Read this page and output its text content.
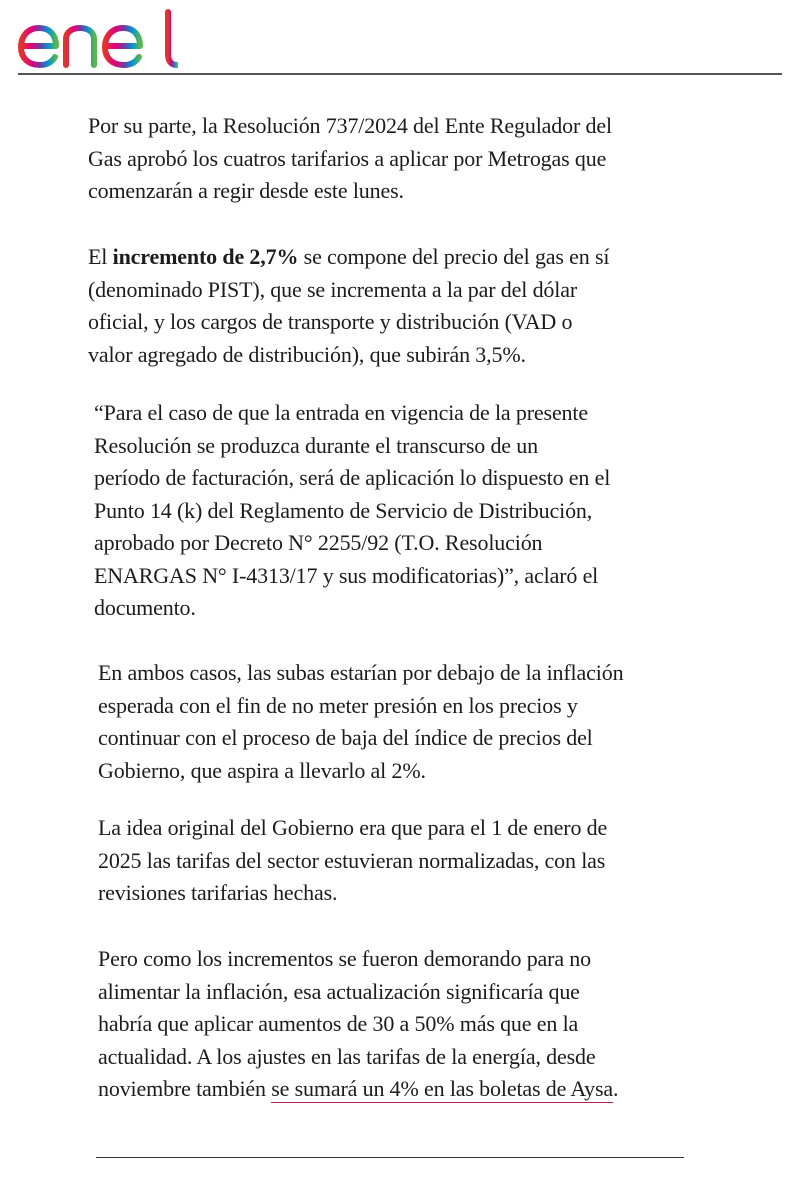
Por su parte, la Resolución 737/2024 del Ente Regulador del
Gas aprobó los cuatros tarifarios a aplicar por Metrogas que
comenzarán a regir desde este lunes.

El incremento de 2,7% se compone del precio del gas en sí
(denominado PIST), que se incrementa a la par del dólar
oficial, y los cargos de transporte y distribución (VAD o
valor agregado de distribución), que subirán 3,5%.

“Para el caso de que la entrada en vigencia de la presente
Resolución se produzca durante el transcurso de un
período de facturación, será de aplicación lo dispuesto en el
Punto 14 (k) del Reglamento de Servicio de Distribución,
aprobado por Decreto N° 2255/92 (T.O. Resolución
ENARGAS N° I-4313/17 y sus modificatorias)”, aclaró el
documento.

En ambos casos, las subas estarían por debajo de la inflación
esperada con el fin de no meter presión en los precios y
continuar con el proceso de baja del índice de precios del
Gobierno, que aspira a llevarlo al 2%.

La idea original del Gobierno era que para el 1 de enero de
2025 las tarifas del sector estuvieran normalizadas, con las
revisiones tarifarias hechas.

Pero como los incrementos se fueron demorando para no
alimentar la inflación, esa actualización significaría que
habría que aplicar aumentos de 30 a 50% más que en la
actualidad. A los ajustes en las tarifas de la energía, desde
noviembre también se sumará un 4% en las boletas de Aysa.
